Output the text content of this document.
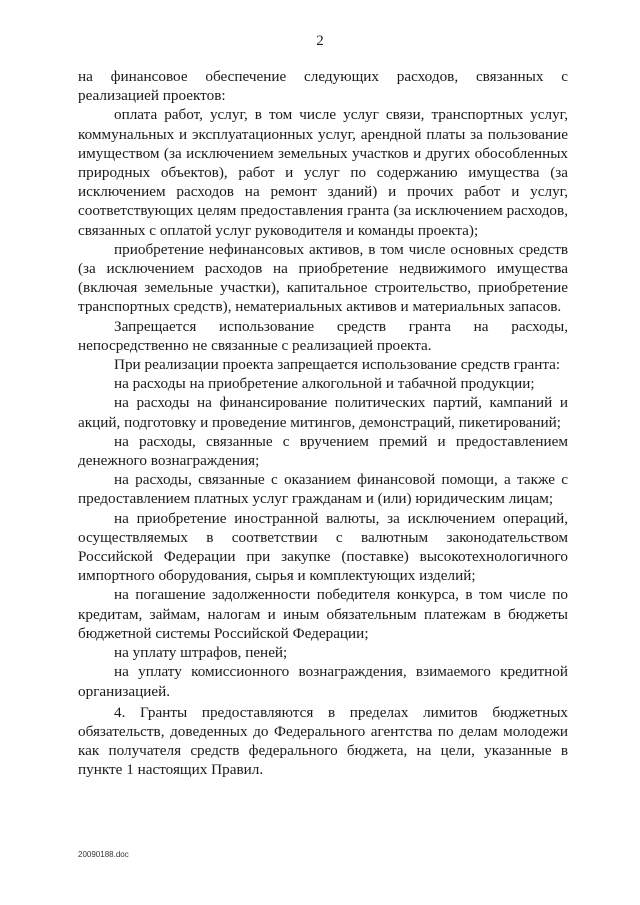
2

на финансовое обеспечение следующих расходов, связанных с реализацией проектов:

оплата работ, услуг, в том числе услуг связи, транспортных услуг, коммунальных и эксплуатационных услуг, арендной платы за пользование имуществом (за исключением земельных участков и других обособленных природных объектов), работ и услуг по содержанию имущества (за исключением расходов на ремонт зданий) и прочих работ и услуг, соответствующих целям предоставления гранта (за исключением расходов, связанных с оплатой услуг руководителя и команды проекта);

приобретение нефинансовых активов, в том числе основных средств (за исключением расходов на приобретение недвижимого имущества (включая земельные участки), капитальное строительство, приобретение транспортных средств), нематериальных активов и материальных запасов.

Запрещается использование средств гранта на расходы, непосредственно не связанные с реализацией проекта.

При реализации проекта запрещается использование средств гранта:

на расходы на приобретение алкогольной и табачной продукции;

на расходы на финансирование политических партий, кампаний и акций, подготовку и проведение митингов, демонстраций, пикетирований;

на расходы, связанные с вручением премий и предоставлением денежного вознаграждения;

на расходы, связанные с оказанием финансовой помощи, а также с предоставлением платных услуг гражданам и (или) юридическим лицам;

на приобретение иностранной валюты, за исключением операций, осуществляемых в соответствии с валютным законодательством Российской Федерации при закупке (поставке) высокотехнологичного импортного оборудования, сырья и комплектующих изделий;

на погашение задолженности победителя конкурса, в том числе по кредитам, займам, налогам и иным обязательным платежам в бюджеты бюджетной системы Российской Федерации;

на уплату штрафов, пеней;

на уплату комиссионного вознаграждения, взимаемого кредитной организацией.

4. Гранты предоставляются в пределах лимитов бюджетных обязательств, доведенных до Федерального агентства по делам молодежи как получателя средств федерального бюджета, на цели, указанные в пункте 1 настоящих Правил.

20090188.doc
